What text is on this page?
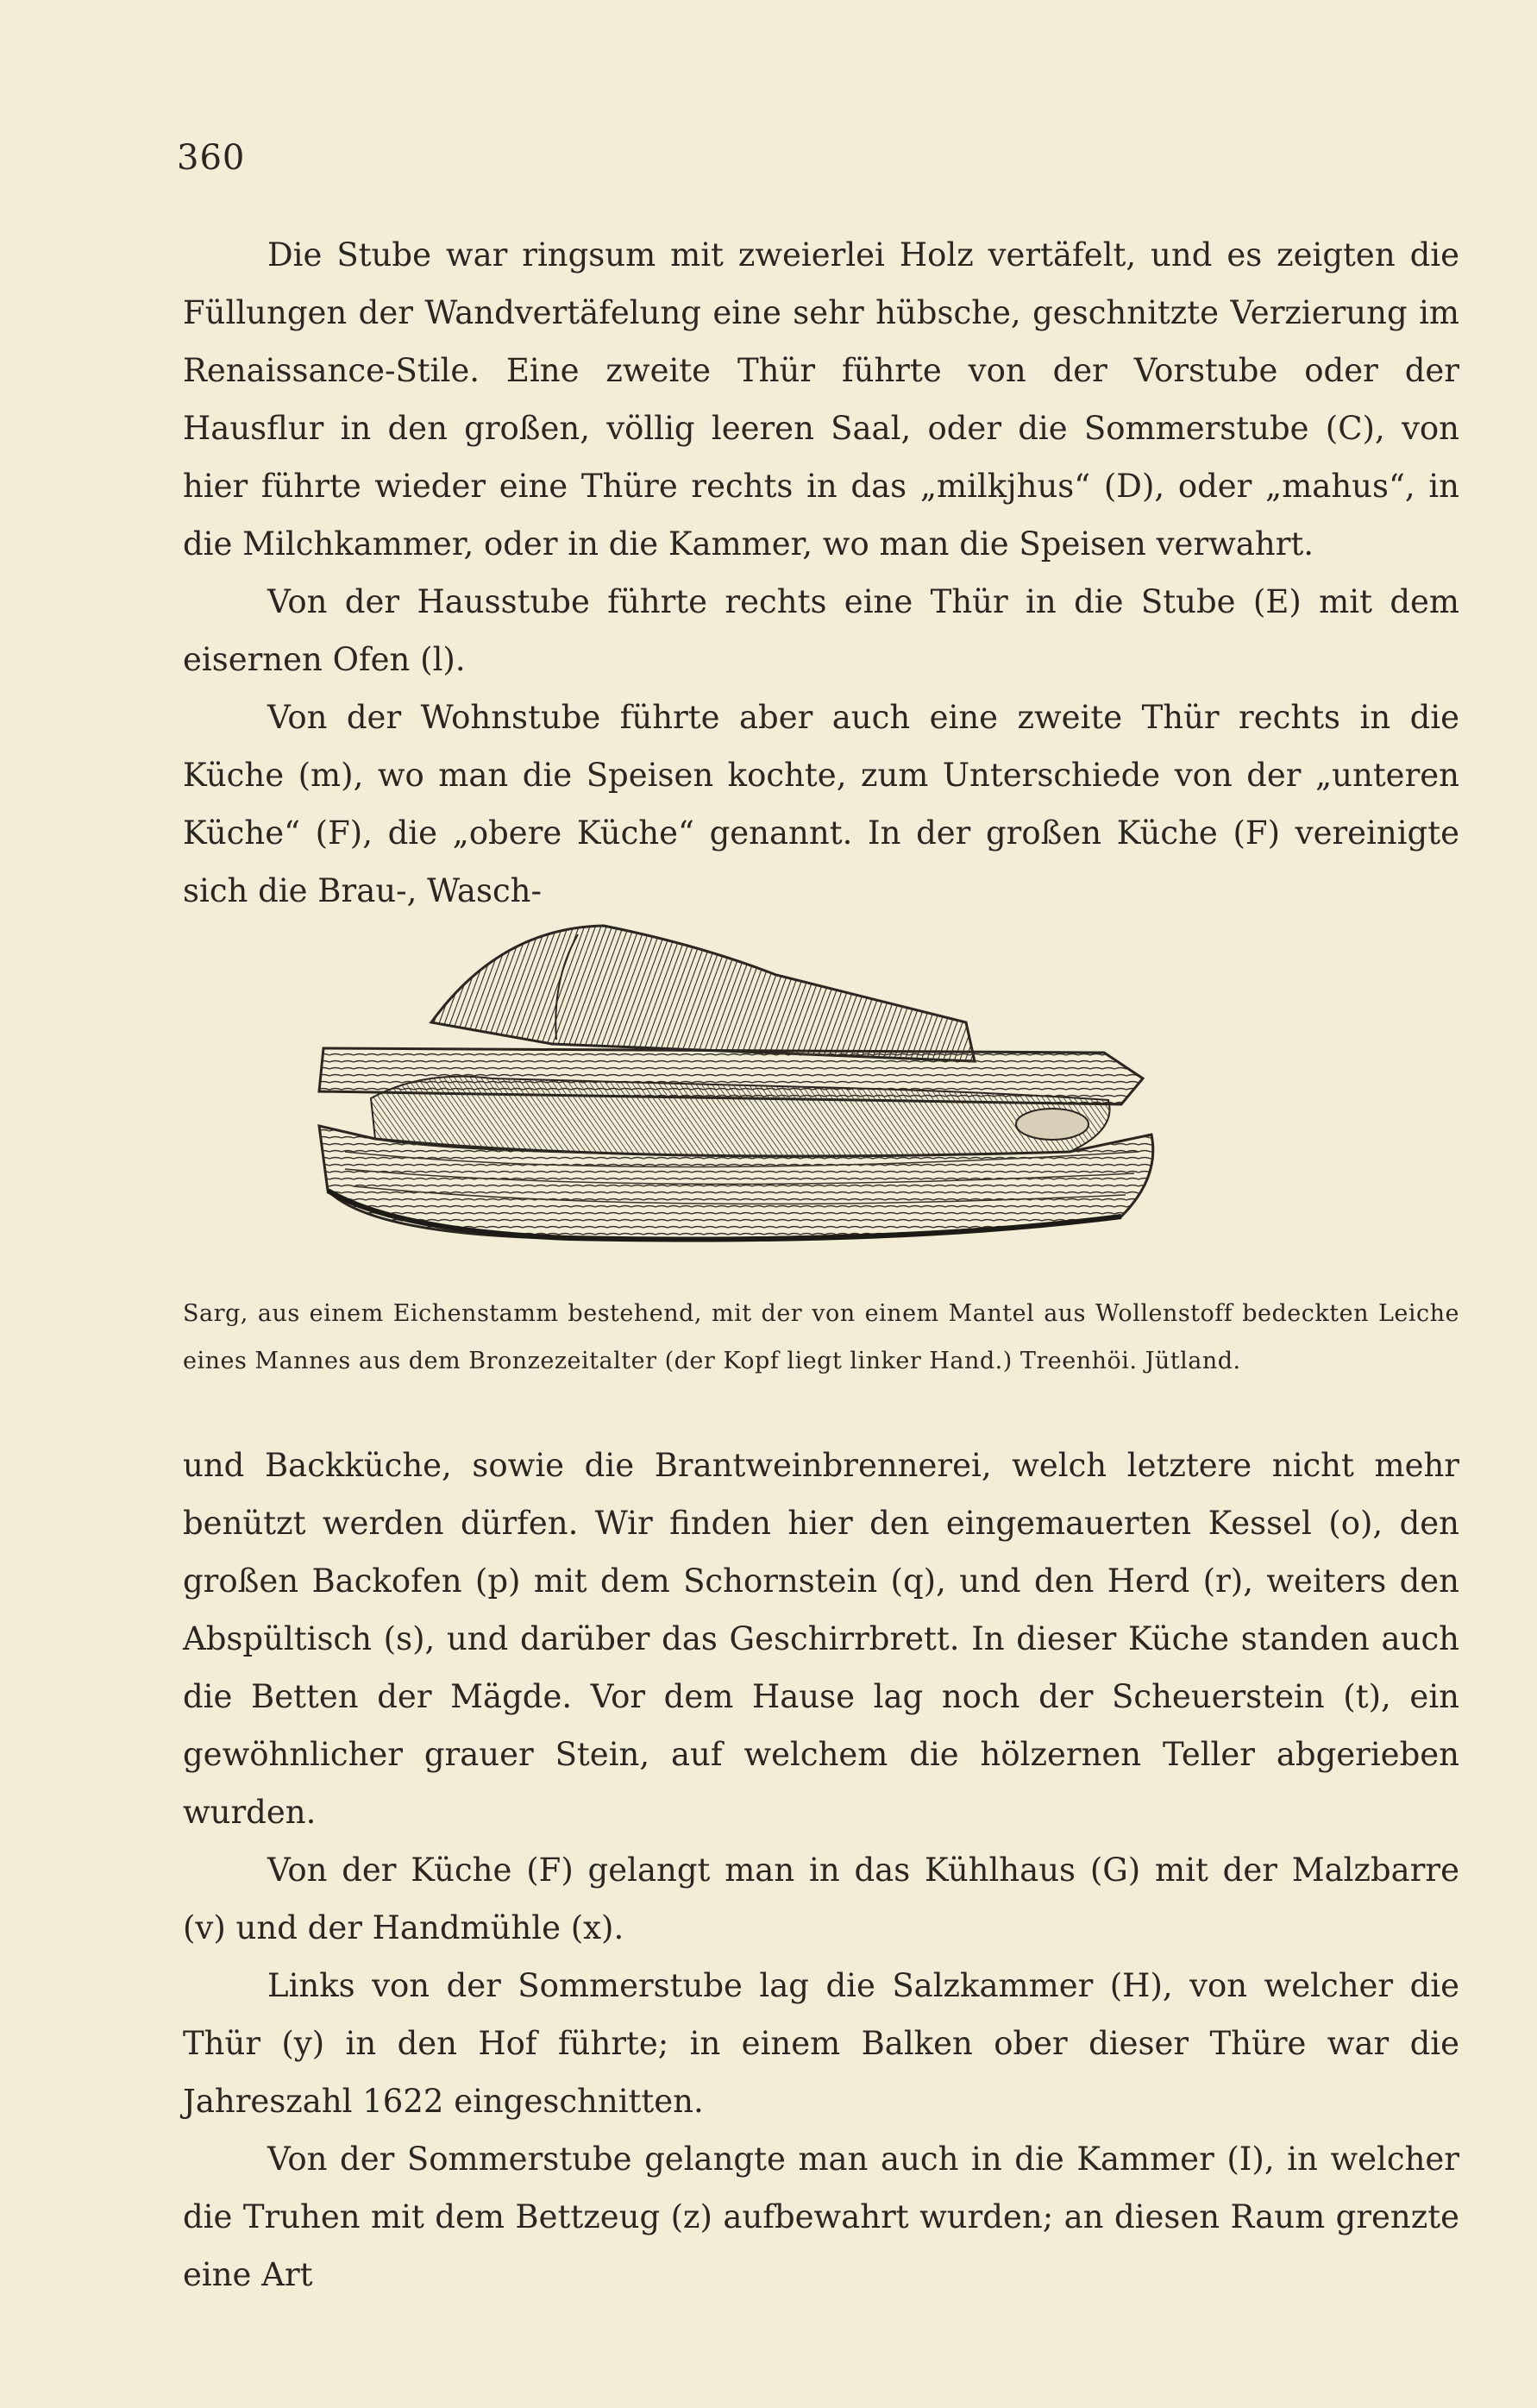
360

Die Stube war ringsum mit zweierlei Holz vertäfelt, und es zeigten die Füllungen der Wandvertäfelung eine sehr hübsche, geschnitzte Verzierung im Renaissance-Stile. Eine zweite Thür führte von der Vorstube oder der Hausflur in den großen, völlig leeren Saal, oder die Sommerstube (C), von hier führte wieder eine Thüre rechts in das „milkjhus“ (D), oder „mahus“, in die Milchkammer, oder in die Kammer, wo man die Speisen verwahrt.

Von der Hausstube führte rechts eine Thür in die Stube (E) mit dem eisernen Ofen (l).

Von der Wohnstube führte aber auch eine zweite Thür rechts in die Küche (m), wo man die Speisen kochte, zum Unterschiede von der „unteren Küche“ (F), die „obere Küche“ genannt. In der großen Küche (F) vereinigte sich die Brau-, Wasch-

Sarg, aus einem Eichenstamm bestehend, mit der von einem Mantel aus Wollenstoff bedeckten Leiche eines Mannes aus dem Bronzezeitalter (der Kopf liegt linker Hand.) Treenhöi. Jütland.

und Backküche, sowie die Brantweinbrennerei, welch letztere nicht mehr benützt werden dürfen. Wir finden hier den eingemauerten Kessel (o), den großen Backofen (p) mit dem Schornstein (q), und den Herd (r), weiters den Abspültisch (s), und darüber das Geschirrbrett. In dieser Küche standen auch die Betten der Mägde. Vor dem Hause lag noch der Scheuerstein (t), ein gewöhnlicher grauer Stein, auf welchem die hölzernen Teller abgerieben wurden.

Von der Küche (F) gelangt man in das Kühlhaus (G) mit der Malzbarre (v) und der Handmühle (x).

Links von der Sommerstube lag die Salzkammer (H), von welcher die Thür (y) in den Hof führte; in einem Balken ober dieser Thüre war die Jahreszahl 1622 eingeschnitten.

Von der Sommerstube gelangte man auch in die Kammer (I), in welcher die Truhen mit dem Bettzeug (z) aufbewahrt wurden; an diesen Raum grenzte eine Art
